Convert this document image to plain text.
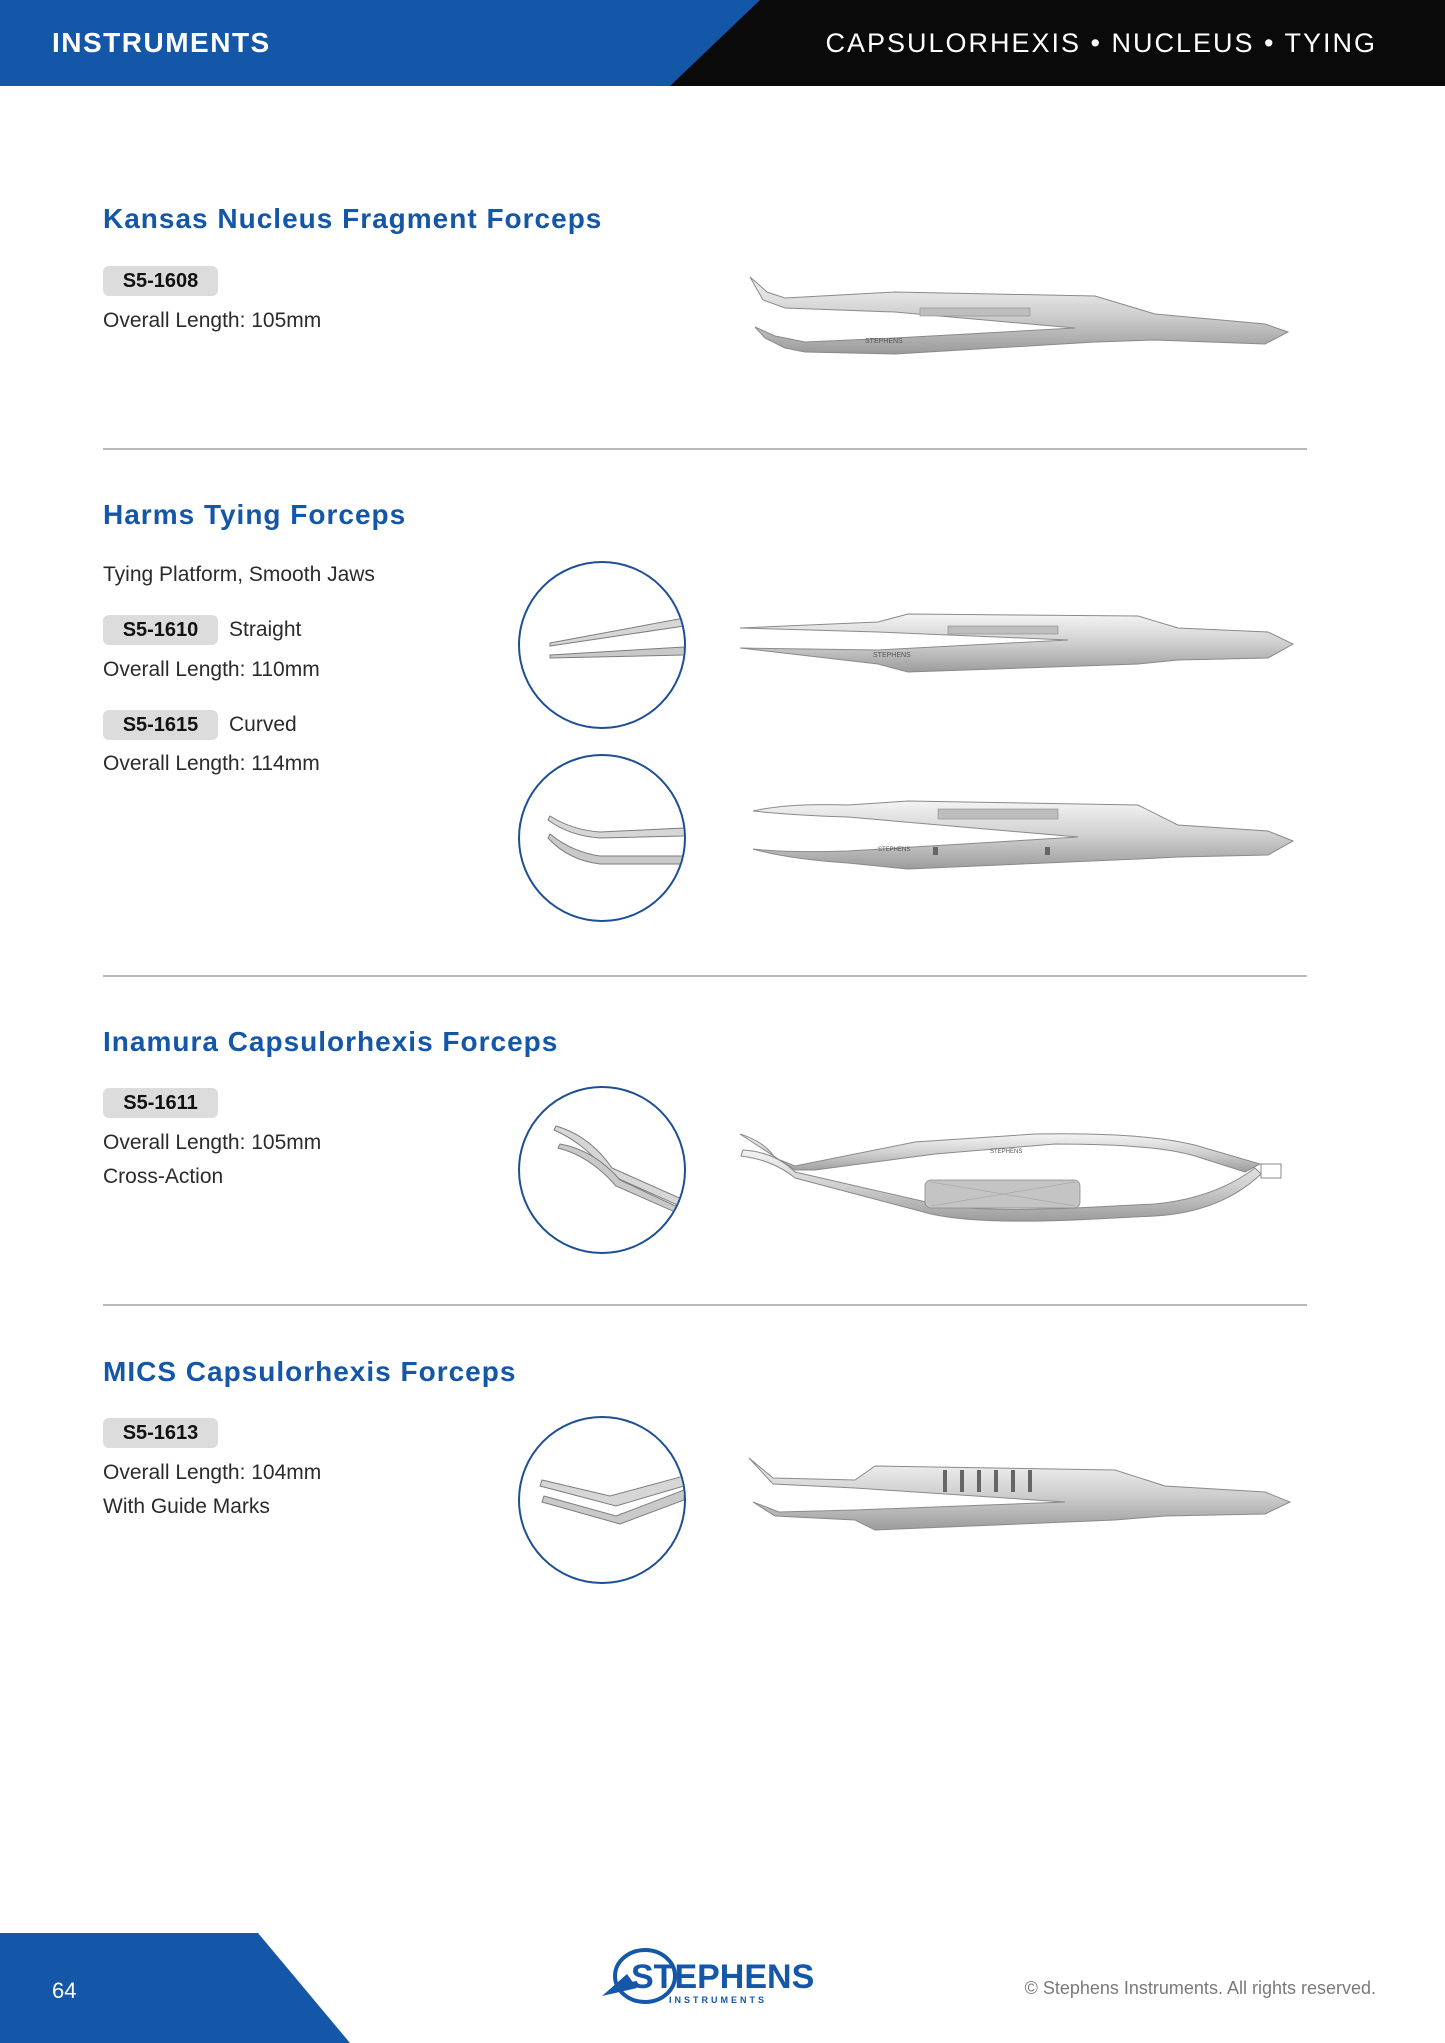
INSTRUMENTS	CAPSULORHEXIS • NUCLEUS • TYING
Kansas Nucleus Fragment Forceps
S5-1608
Overall Length: 105mm
STEPHENS
Harms Tying Forceps
Tying Platform, Smooth Jaws
S5-1610	Straight
Overall Length: 110mm
S5-1615	Curved
Overall Length: 114mm
STEPHENS
STEPHENS
Inamura Capsulorhexis Forceps
S5-1611
Overall Length: 105mm
Cross-Action
STEPHENS
MICS Capsulorhexis Forceps
S5-1613
Overall Length: 104mm
With Guide Marks
64	STEPHENS
INSTRUMENTS
© Stephens Instruments. All rights reserved.
